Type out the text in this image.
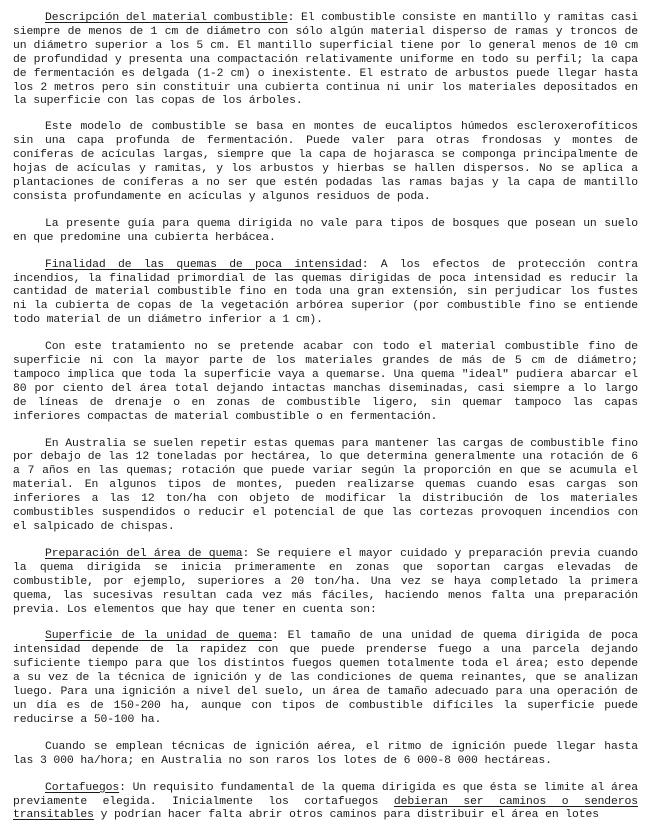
Descripción del material combustible: El combustible consiste en mantillo y ramitas casi siempre de menos de 1 cm de diámetro con sólo algún material disperso de ramas y troncos de un diámetro superior a los 5 cm. El mantillo superficial tiene por lo general menos de 10 cm de profundidad y presenta una compactación relativamente uniforme en todo su perfil; la capa de fermentación es delgada (1-2 cm) o inexistente. El estrato de arbustos puede llegar hasta los 2 metros pero sin constituir una cubierta continua ni unir los materiales depositados en la superficie con las copas de los árboles.

Este modelo de combustible se basa en montes de eucaliptos húmedos escleroxerofíticos sin una capa profunda de fermentación. Puede valer para otras frondosas y montes de coníferas de acículas largas, siempre que la capa de hojarasca se componga principalmente de hojas de acículas y ramitas, y los arbustos y hierbas se hallen dispersos. No se aplica a plantaciones de coníferas a no ser que estén podadas las ramas bajas y la capa de mantillo consista profundamente en acículas y algunos residuos de poda.

La presente guía para quema dirigida no vale para tipos de bosques que posean un suelo en que predomine una cubierta herbácea.

Finalidad de las quemas de poca intensidad: A los efectos de protección contra incendios, la finalidad primordial de las quemas dirigidas de poca intensidad es reducir la cantidad de material combustible fino en toda una gran extensión, sin perjudicar los fustes ni la cubierta de copas de la vegetación arbórea superior (por combustible fino se entiende todo material de un diámetro inferior a 1 cm).

Con este tratamiento no se pretende acabar con todo el material combustible fino de superficie ni con la mayor parte de los materiales grandes de más de 5 cm de diámetro; tampoco implica que toda la superficie vaya a quemarse. Una quema "ideal" pudiera abarcar el 80 por ciento del área total dejando intactas manchas diseminadas, casi siempre a lo largo de líneas de drenaje o en zonas de combustible ligero, sin quemar tampoco las capas inferiores compactas de material combustible o en fermentación.

En Australia se suelen repetir estas quemas para mantener las cargas de combustible fino por debajo de las 12 toneladas por hectárea, lo que determina generalmente una rotación de 6 a 7 años en las quemas; rotación que puede variar según la proporción en que se acumula el material. En algunos tipos de montes, pueden realizarse quemas cuando esas cargas son inferiores a las 12 ton/ha con objeto de modificar la distribución de los materiales combustibles suspendidos o reducir el potencial de que las cortezas provoquen incendios con el salpicado de chispas.

Preparación del área de quema: Se requiere el mayor cuidado y preparación previa cuando la quema dirigida se inicia primeramente en zonas que soportan cargas elevadas de combustible, por ejemplo, superiores a 20 ton/ha. Una vez se haya completado la primera quema, las sucesivas resultan cada vez más fáciles, haciendo menos falta una preparación previa. Los elementos que hay que tener en cuenta son:

Superficie de la unidad de quema: El tamaño de una unidad de quema dirigida de poca intensidad depende de la rapidez con que puede prenderse fuego a una parcela dejando suficiente tiempo para que los distintos fuegos quemen totalmente toda el área; esto depende a su vez de la técnica de ignición y de las condiciones de quema reinantes, que se analizan luego. Para una ignición a nivel del suelo, un área de tamaño adecuado para una operación de un día es de 150-200 ha, aunque con tipos de combustible difíciles la superficie puede reducirse a 50-100 ha.

Cuando se emplean técnicas de ignición aérea, el ritmo de ignición puede llegar hasta las 3 000 ha/hora; en Australia no son raros los lotes de 6 000-8 000 hectáreas.

Cortafuegos: Un requisito fundamental de la quema dirigida es que ésta se limite al área previamente elegida. Inicialmente los cortafuegos debieran ser caminos o senderos transitables y podrían hacer falta abrir otros caminos para distribuir el área en lotes
